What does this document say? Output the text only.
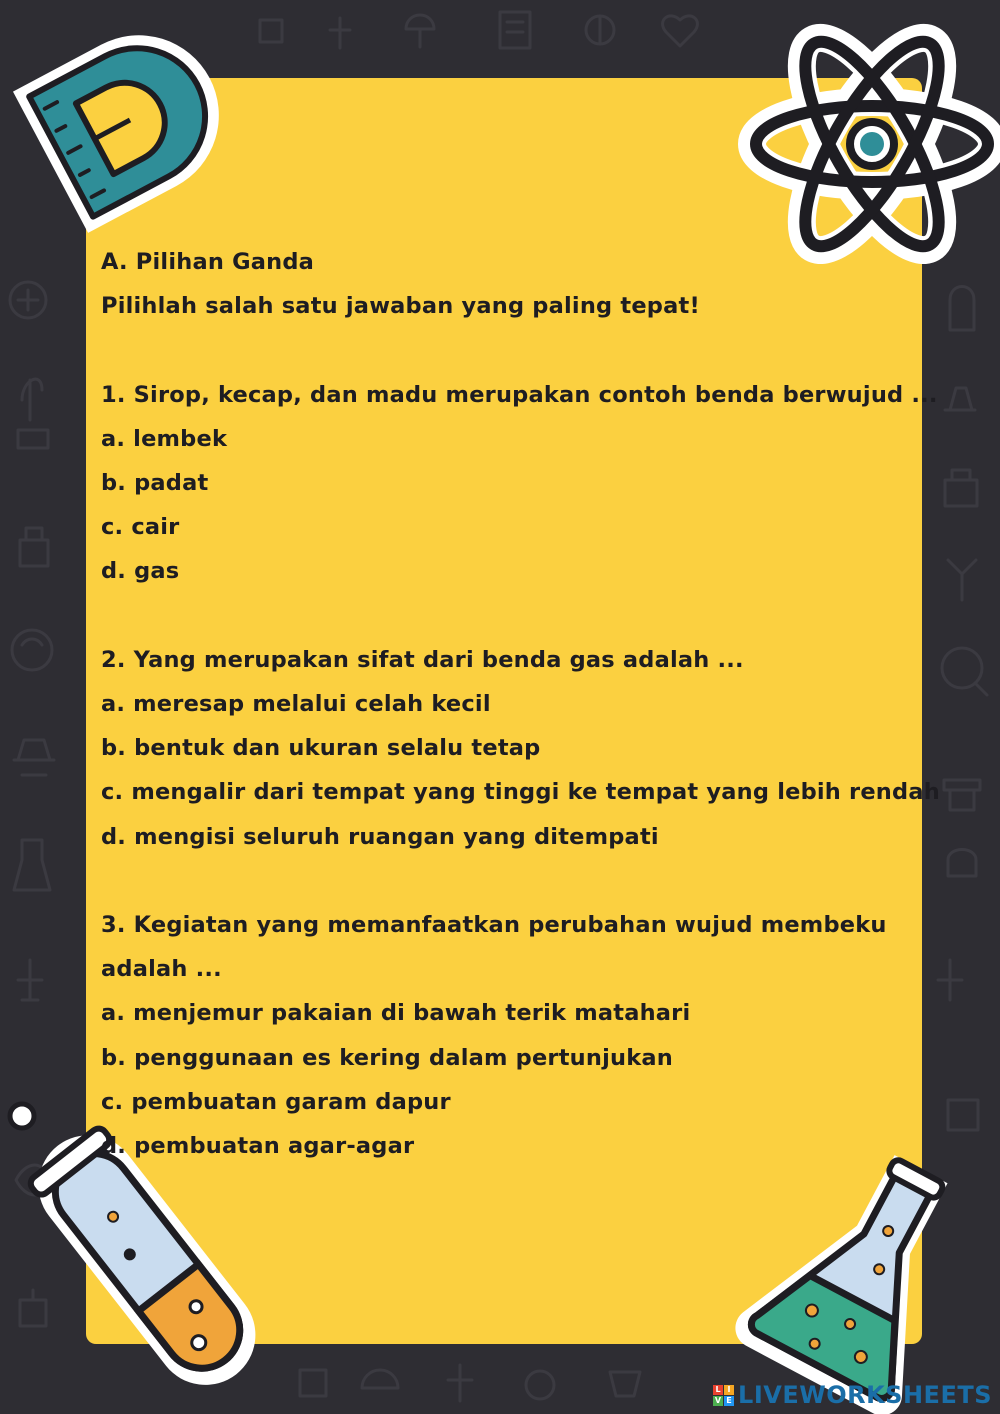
A. Pilihan Ganda
Pilihlah salah satu jawaban yang paling tepat!
1. Sirop, kecap, dan madu merupakan contoh benda berwujud ...
a. lembek
b. padat
c. cair
d. gas
2. Yang merupakan sifat dari benda gas adalah ...
a. meresap melalui celah kecil
b. bentuk dan ukuran selalu tetap
c. mengalir dari tempat yang tinggi ke tempat yang lebih rendah
d. mengisi seluruh ruangan yang ditempati
3. Kegiatan yang memanfaatkan perubahan wujud membeku
adalah ...
a. menjemur pakaian di bawah terik matahari
b. penggunaan es kering dalam pertunjukan
c. pembuatan garam dapur
d. pembuatan agar-agar
L I
V E LIVEWORKSHEETS
